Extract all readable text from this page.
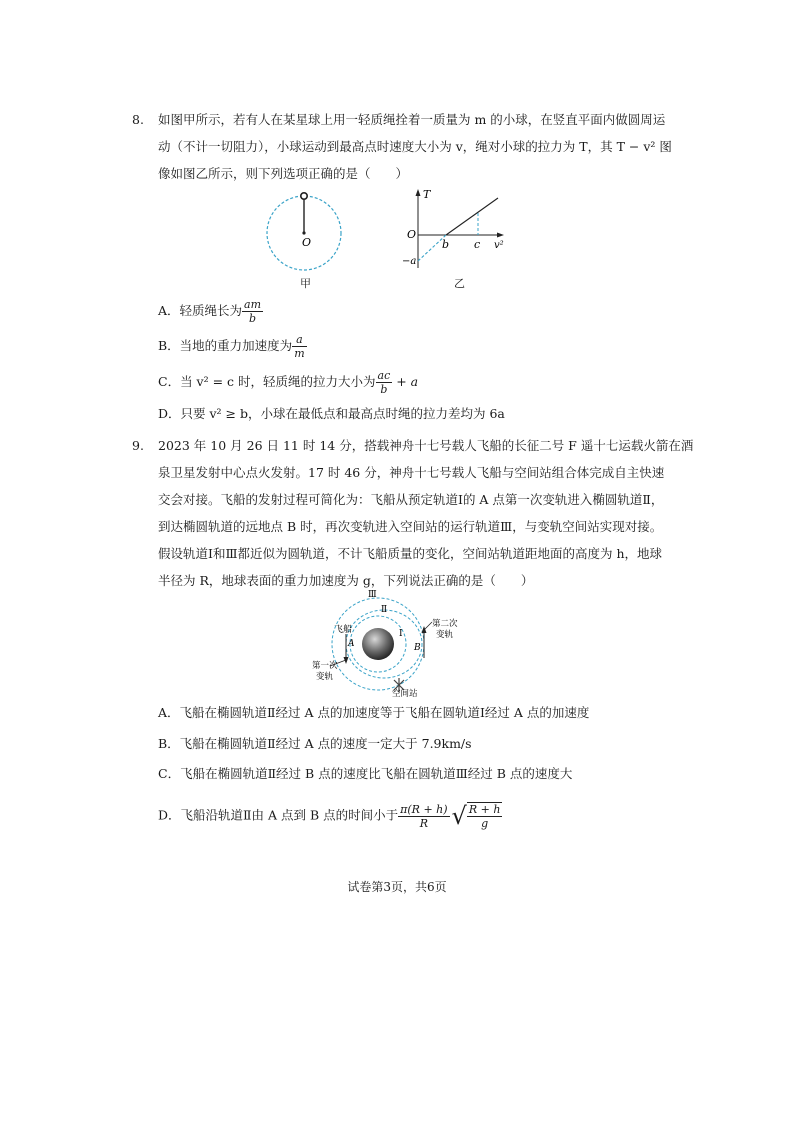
8. 如图甲所示，若有人在某星球上用一轻质绳拴着一质量为 m 的小球，在竖直平面内做圆周运
动（不计一切阻力），小球运动到最高点时速度大小为 v，绳对小球的拉力为 T，其 T − v² 图
像如图乙所示，则下列选项正确的是（　　）
O
甲
T
O
b c v²
−a
乙
A．轻质绳长为 $\frac{am}{b}$
B．当地的重力加速度为 $\frac{a}{m}$
C．当 v² = c 时，轻质绳的拉力大小为 $\frac{ac}{b} + a$
D．只要 v² ≥ b，小球在最低点和最高点时绳的拉力差均为 6a
9. 2023 年 10 月 26 日 11 时 14 分，搭载神舟十七号载人飞船的长征二号 F 遥十七运载火箭在酒
泉卫星发射中心点火发射。17 时 46 分，神舟十七号载人飞船与空间站组合体完成自主快速
交会对接。飞船的发射过程可简化为：飞船从预定轨道Ⅰ的 A 点第一次变轨进入椭圆轨道Ⅱ，
到达椭圆轨道的远地点 B 时，再次变轨进入空间站的运行轨道Ⅲ，与变轨空间站实现对接。
假设轨道Ⅰ和Ⅲ都近似为圆轨道，不计飞船质量的变化，空间站轨道距地面的高度为 h，地球
半径为 R，地球表面的重力加速度为 g，下列说法正确的是（　　）
Ⅲ
Ⅱ
Ⅰ
飞船
A	B
第一次
变轨
第二次
变轨
空间站
A．飞船在椭圆轨道Ⅱ经过 A 点的加速度等于飞船在圆轨道Ⅰ经过 A 点的加速度
B．飞船在椭圆轨道Ⅱ经过 A 点的速度一定大于 7.9km/s
C．飞船在椭圆轨道Ⅱ经过 B 点的速度比飞船在圆轨道Ⅲ经过 B 点的速度大
D．飞船沿轨道Ⅱ由 A 点到 B 点的时间小于 $\frac{\pi(R + h)}{R}$ √ $\frac{R + h}{g}$
试卷第3页，共6页
